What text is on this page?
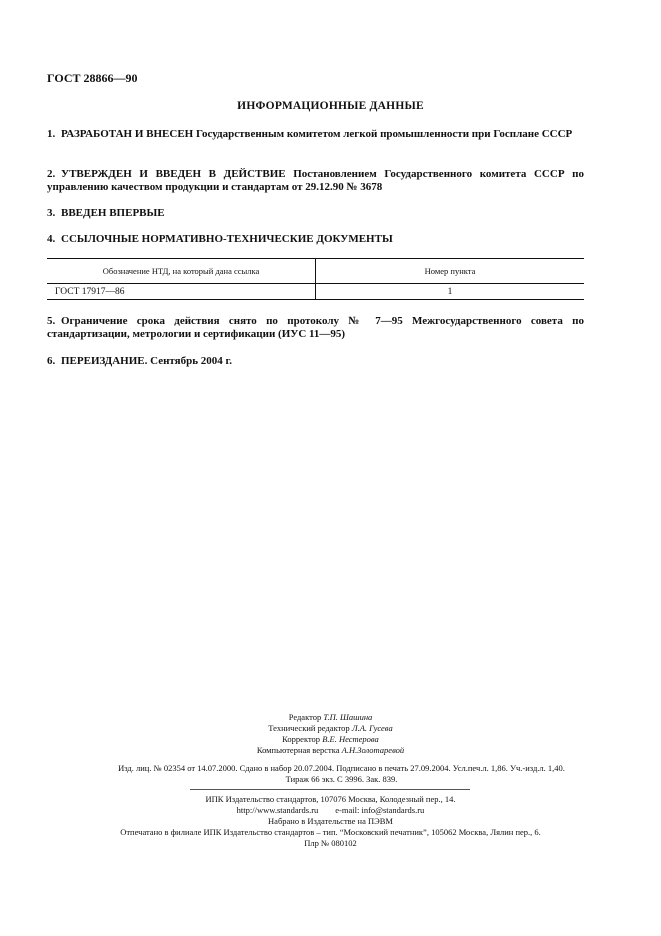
ГОСТ 28866—90
ИНФОРМАЦИОННЫЕ ДАННЫЕ
1. РАЗРАБОТАН И ВНЕСЕН Государственным комитетом легкой промышленности при Госплане СССР
2. УТВЕРЖДЕН И ВВЕДЕН В ДЕЙСТВИЕ Постановлением Государственного комитета СССР по управлению качеством продукции и стандартам от 29.12.90 № 3678
3. ВВЕДЕН ВПЕРВЫЕ
4. ССЫЛОЧНЫЕ НОРМАТИВНО-ТЕХНИЧЕСКИЕ ДОКУМЕНТЫ
Обозначение НТД, на который дана ссылка	Номер пункта
ГОСТ 17917—86	1
5. Ограничение срока действия снято по протоколу № 7—95 Межгосударственного совета по стандартизации, метрологии и сертификации (ИУС 11—95)
6. ПЕРЕИЗДАНИЕ. Сентябрь 2004 г.
Редактор Т.П. Шашина
Технический редактор Л.А. Гусева
Корректор В.Е. Нестерова
Компьютерная верстка А.Н.Золотаревой
Изд. лиц. № 02354 от 14.07.2000. Сдано в набор 20.07.2004. Подписано в печать 27.09.2004. Усл.печ.л. 1,86. Уч.-изд.л. 1,40.
Тираж 66 экз. С 3996. Зак. 839.
ИПК Издательство стандартов, 107076 Москва, Колодезный пер., 14.
http://www.standards.ru        e-mail: info@standards.ru
Набрано в Издательстве на ПЭВМ
Отпечатано в филиале ИПК Издательство стандартов – тип. “Московский печатник”, 105062 Москва, Лялин пер., 6.
Плр № 080102
